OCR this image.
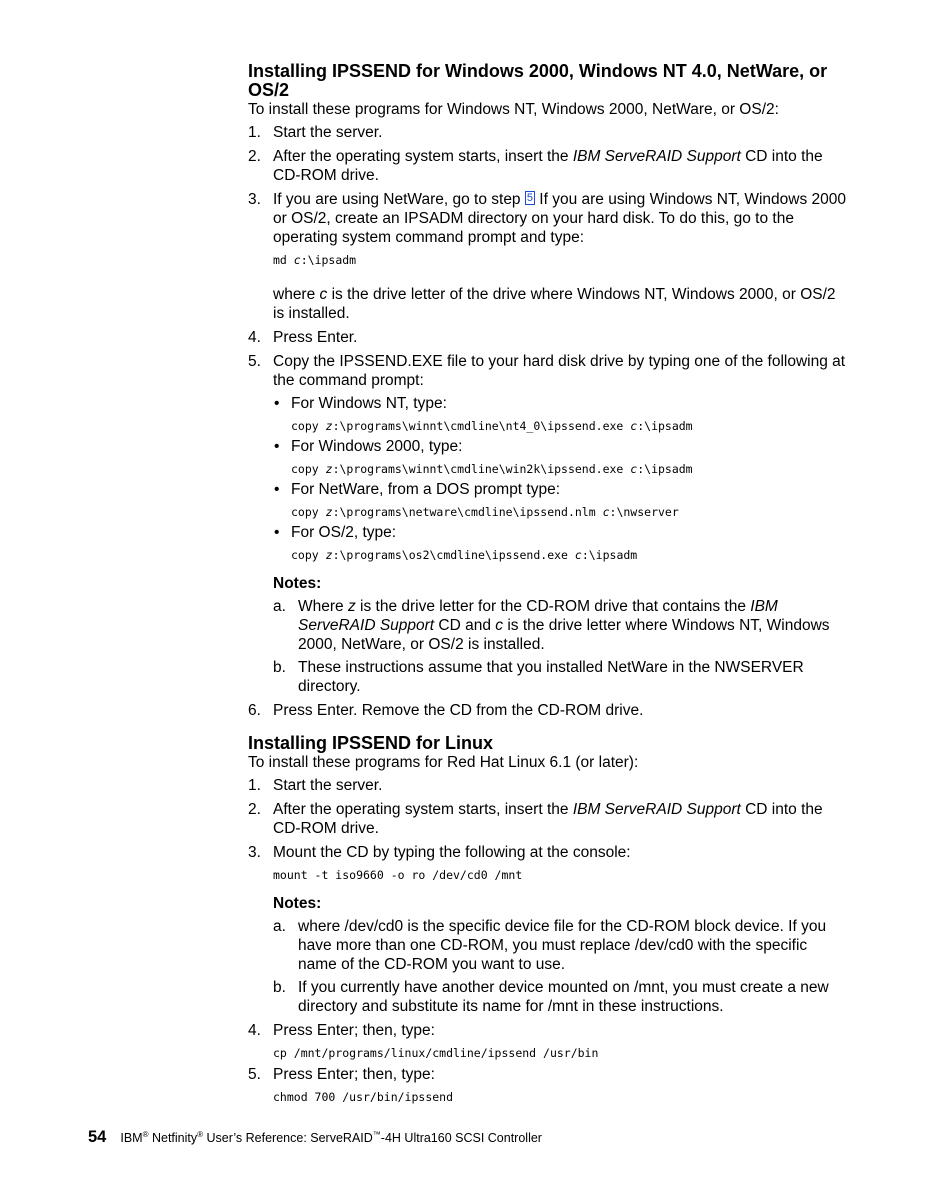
Installing IPSSEND for Windows 2000, Windows NT 4.0, NetWare, or OS/2

To install these programs for Windows NT, Windows 2000, NetWare, or OS/2:

1. Start the server.
2. After the operating system starts, insert the IBM ServeRAID Support CD into the CD-ROM drive.
3. If you are using NetWare, go to step 5 If you are using Windows NT, Windows 2000 or OS/2, create an IPSADM directory on your hard disk. To do this, go to the operating system command prompt and type:
md c:\ipsadm
where c is the drive letter of the drive where Windows NT, Windows 2000, or OS/2 is installed.
4. Press Enter.
5. Copy the IPSSEND.EXE file to your hard disk drive by typing one of the following at the command prompt:
• For Windows NT, type:
copy z:\programs\winnt\cmdline\nt4_0\ipssend.exe c:\ipsadm
• For Windows 2000, type:
copy z:\programs\winnt\cmdline\win2k\ipssend.exe c:\ipsadm
• For NetWare, from a DOS prompt type:
copy z:\programs\netware\cmdline\ipssend.nlm c:\nwserver
• For OS/2, type:
copy z:\programs\os2\cmdline\ipssend.exe c:\ipsadm
Notes:
a. Where z is the drive letter for the CD-ROM drive that contains the IBM ServeRAID Support CD and c is the drive letter where Windows NT, Windows 2000, NetWare, or OS/2 is installed.
b. These instructions assume that you installed NetWare in the NWSERVER directory.
6. Press Enter. Remove the CD from the CD-ROM drive.
Installing IPSSEND for Linux

To install these programs for Red Hat Linux 6.1 (or later):

1. Start the server.
2. After the operating system starts, insert the IBM ServeRAID Support CD into the CD-ROM drive.
3. Mount the CD by typing the following at the console:
mount -t iso9660 -o ro /dev/cd0 /mnt
Notes:
a. where /dev/cd0 is the specific device file for the CD-ROM block device. If you have more than one CD-ROM, you must replace /dev/cd0 with the specific name of the CD-ROM you want to use.
b. If you currently have another device mounted on /mnt, you must create a new directory and substitute its name for /mnt in these instructions.
4. Press Enter; then, type:
cp /mnt/programs/linux/cmdline/ipssend /usr/bin
5. Press Enter; then, type:
chmod 700 /usr/bin/ipssend
54 IBM® Netfinity® User’s Reference: ServeRAID™-4H Ultra160 SCSI Controller
